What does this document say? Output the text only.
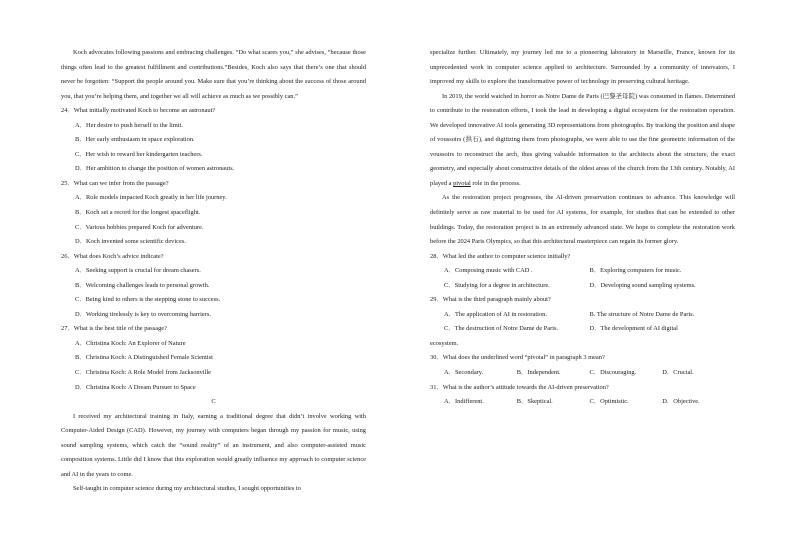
Koch advocates following passions and embracing challenges. “Do what scares you,” she advises, “because those things often lead to the greatest fulfillment and contributions.”Besides, Koch also says that there’s one that should never be forgotten: “Support the people around you. Make sure that you’re thinking about the success of those around you, that you’re helping them, and together we all will achieve as much as we possibly can.”

24．What initially motivated Koch to become an astronaut?

A．Her desire to push herself to the limit.

B．Her early enthusiasm in space exploration.

C．Her wish to reward her kindergarten teachers.

D．Her ambition to change the position of women astronauts.

25．What can we infer from the passage?

A．Role models impacted Koch greatly in her life journey.

B．Koch set a record for the longest spaceflight.

C．Various hobbies prepared Koch for adventure.

D．Koch invented some scientific devices.

26．What does Koch’s advice indicate?

A．Seeking support is crucial for dream chasers.

B．Welcoming challenges leads to personal growth.

C．Being kind to others is the stepping stone to success.

D．Working tirelessly is key to overcoming barriers.

27．What is the best title of the passage?

A．Christina Koch: An Explorer of Nature

B．Christina Koch: A Distinguished Female Scientist

C．Christina Koch: A Role Model from Jacksonville

D．Christina Koch: A Dream Pursuer to Space

C

I received my architectural training in Italy, earning a traditional degree that didn’t involve working with Computer-Aided Design (CAD). However, my journey with computers began through my passion for music, using sound sampling systems, which catch the “sound reality” of an instrument, and also computer-assisted music composition systems. Little did I know that this exploration would greatly influence my approach to computer science and AI in the years to come.

Self-taught in computer science during my architectural studies, I sought opportunities to

specialize further. Ultimately, my journey led me to a pioneering laboratory in Marseille, France, known for its unprecedented work in computer science applied to architecture. Surrounded by a community of innovators, I improved my skills to explore the transformative power of technology in preserving cultural heritage.

In 2019, the world watched in horror as Notre Dame de Paris (巴黎圣母院) was consumed in flames. Determined to contribute to the restoration efforts, I took the lead in developing a digital ecosystem for the restoration operation. We developed innovative AI tools generating 3D representations from photographs. By tracking the position and shape of voussoirs (拱石), and digitizing them from photographs, we were able to use the fine geometric information of the voussoirs to reconstruct the arch, thus giving valuable information to the architects about the structure, the exact geometry, and especially about constructive details of the oldest areas of the church from the 13th century. Notably, AI played a pivotal role in the process.

As the restoration project progresses, the AI-driven preservation continues to advance. This knowledge will definitely serve as raw material to be used for AI systems, for example, for studies that can be extended to other buildings. Today, the restoration project is in an extremely advanced state. We hope to complete the restoration work before the 2024 Paris Olympics, so that this architectural masterpiece can regain its former glory.

28．What led the author to computer science initially?

A．Composing music with CAD .	B．Exploring computers for music.
C．Studying for a degree in architecture.	D．Developing sound sampling systems.

29．What is the third paragraph mainly about?

A．The application of AI in restoration.	B. The structure of Notre Dame de Paris.
C．The destruction of Notre Dame de Paris.	D．The development of AI digital

ecosystem.

30．What does the underlined word “pivotal” in paragraph 3 mean?

A．Secondary.	B．Independent.	C．Discouraging.	D．Crucial.

31．What is the author’s attitude towards the AI-driven preservation?

A．Indifferent.	B．Skeptical.	C．Optimistic.	D．Objective.
